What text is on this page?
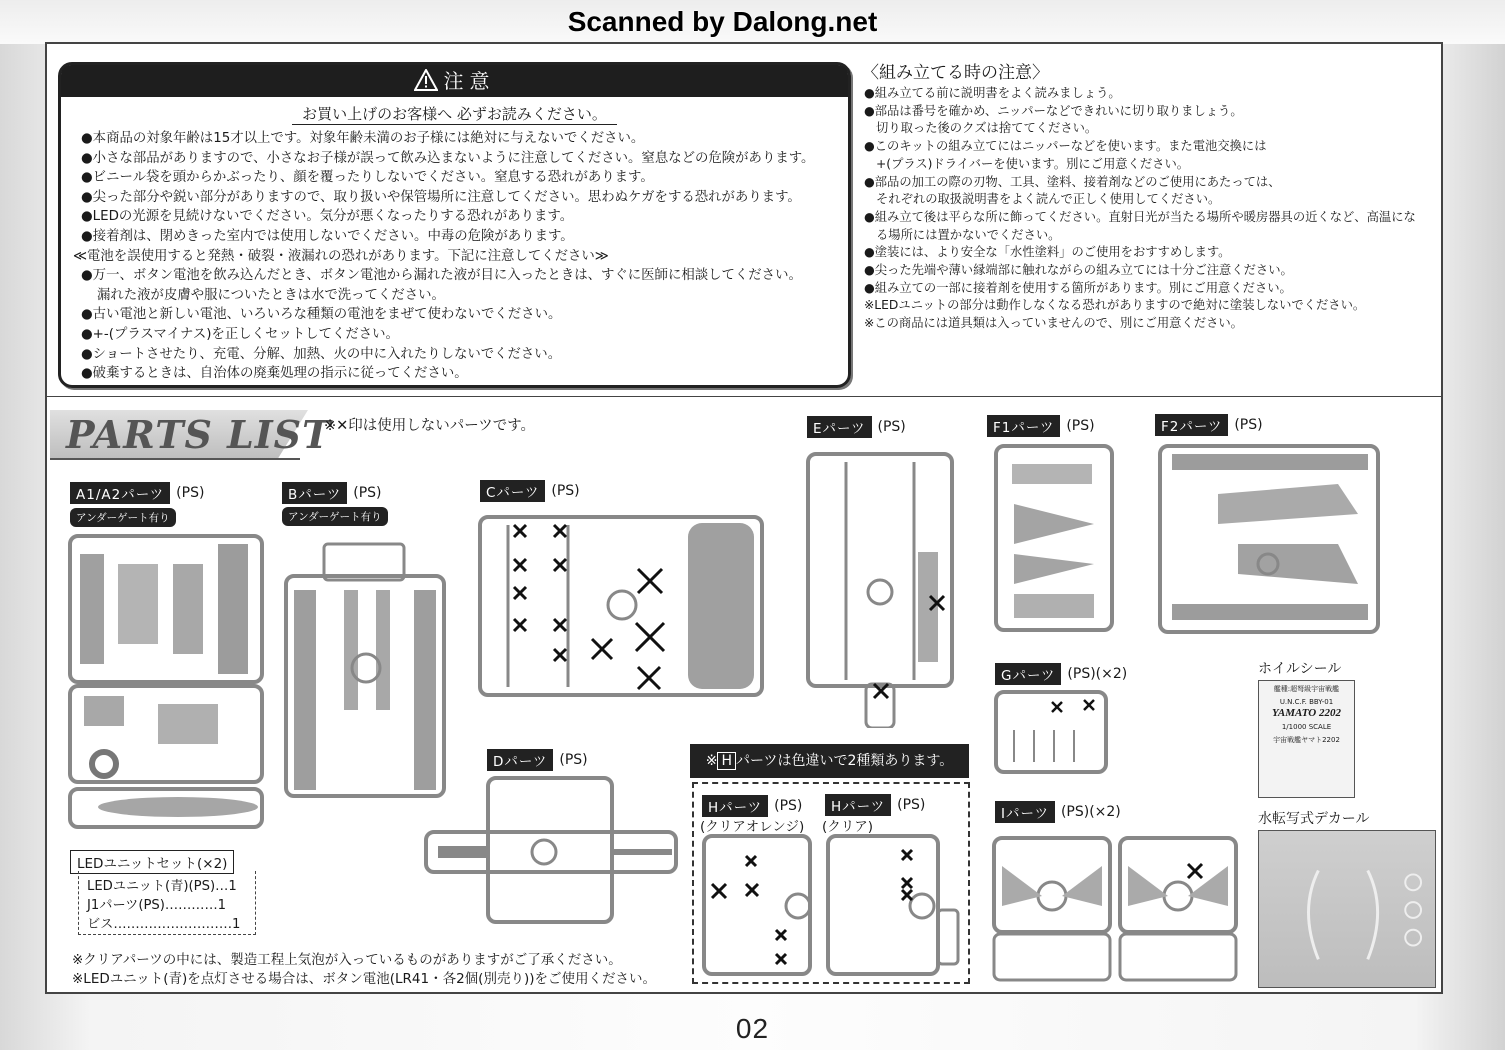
Scanned by Dalong.net
注意
お買い上げのお客様へ 必ずお読みください。
●本商品の対象年齢は15才以上です。対象年齢未満のお子様には絶対に与えないでください。
●小さな部品がありますので、小さなお子様が誤って飲み込まないように注意してください。窒息などの危険があります。
●ビニール袋を頭からかぶったり、顔を覆ったりしないでください。窒息する恐れがあります。
●尖った部分や鋭い部分がありますので、取り扱いや保管場所に注意してください。思わぬケガをする恐れがあります。
●LEDの光源を見続けないでください。気分が悪くなったりする恐れがあります。
●接着剤は、閉めきった室内では使用しないでください。中毒の危険があります。
≪電池を誤使用すると発熱・破裂・液漏れの恐れがあります。下記に注意してください≫
●万一、ボタン電池を飲み込んだとき、ボタン電池から漏れた液が目に入ったときは、すぐに医師に相談してください。
漏れた液が皮膚や服についたときは水で洗ってください。
●古い電池と新しい電池、いろいろな種類の電池をまぜて使わないでください。
●+-(プラスマイナス)を正しくセットしてください。
●ショートさせたり、充電、分解、加熱、火の中に入れたりしないでください。
●破棄するときは、自治体の廃棄処理の指示に従ってください。
〈組み立てる時の注意〉
●組み立てる前に説明書をよく読みましょう。
●部品は番号を確かめ、ニッパーなどできれいに切り取りましょう。
切り取った後のクズは捨ててください。
●このキットの組み立てにはニッパーなどを使います。また電池交換には
+(プラス)ドライバーを使います。別にご用意ください。
●部品の加工の際の刃物、工具、塗料、接着剤などのご使用にあたっては、
それぞれの取扱説明書をよく読んで正しく使用してください。
●組み立て後は平らな所に飾ってください。直射日光が当たる場所や暖房器具の近くなど、高温にな
る場所には置かないでください。
●塗装には、より安全な「水性塗料」のご使用をおすすめします。
●尖った先端や薄い縁端部に触れながらの組み立てには十分ご注意ください。
●組み立ての一部に接着剤を使用する箇所があります。別にご用意ください。
※LEDユニットの部分は動作しなくなる恐れがありますので絶対に塗装しないでください。
※この商品には道具類は入っていませんので、別にご用意ください。
PARTS LIST
※✕印は使用しないパーツです。
A1/A2パーツ (PS)
アンダーゲート有り
Bパーツ (PS)
アンダーゲート有り
Cパーツ (PS)
Dパーツ (PS)
Eパーツ (PS)	F1パーツ (PS)	F2パーツ (PS)
Gパーツ (PS)(×2)
Iパーツ (PS)(×2)
※ H パーツは色違いで2種類あります。
Hパーツ (PS)
(クリアオレンジ)
Hパーツ (PS)
(クリア)
LEDユニットセット(×2)
LEDユニット(青)(PS)…1
J1パーツ(PS)…………1
ビス………………………1
※クリアパーツの中には、製造工程上気泡が入っているものがありますがご了承ください。
※LEDユニット(青)を点灯させる場合は、ボタン電池(LR41・各2個(別売り))をご使用ください。
ホイルシール
艦種:超弩級宇宙戦艦
U.N.C.F. BBY-01
YAMATO 2202
1/1000 SCALE
宇宙戦艦ヤマト2202
水転写式デカール
02
